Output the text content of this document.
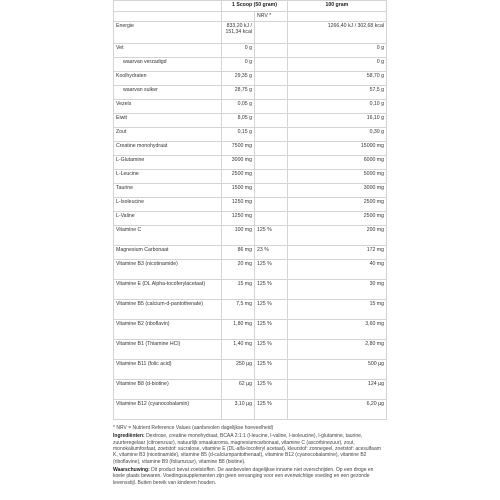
	1 Scoop (50 gram)		100 gram
		NRV *	
Energie	833,20 kJ / 151,34 kcal		1266,40 kJ / 302,68 kcal
Vet	0 g		0 g
waarvan verzadigd	0 g		0 g
Koolhydraten	29,35 g		58,70 g
waarvan suiker	28,75 g		57,5 g
Vezels	0,05 g		0,10 g
Eiwit	8,05 g		16,10 g
Zout	0,15 g		0,30 g
Creatine monohydraat	7500 mg		15000 mg
L-Glutamine	3000 mg		6000 mg
L-Leucine	2500 mg		5000 mg
Taurine	1500 mg		3000 mg
L-Isoleucine	1250 mg		2500 mg
L-Valine	1250 mg		2500 mg
Vitamine C	100 mg	125 %	200 mg
Magnesium Carbonaat	86 mg	23 %	172 mg
Vitamine B3 (nicotinamide)	20 mg	125 %	40 mg
Vitamine E (DL Alpha-tocoferylacetaat)	15 mg	125 %	30 mg
Vitamine B5 (calcium-d-pantothenate)	7,5 mg	125 %	15 mg
Vitamine B2 (riboflavin)	1,80 mg	125 %	3,60 mg
Vitamine B1 (Thiamine HCl)	1,40 mg	125 %	2,80 mg
Vitamine B11 (folic acid)	250 µg	125 %	500 µg
Vitamine B8 (d-biotine)	62 µg	125 %	124 µg
Vitamine B12 (cyanocobalamin)	3,10 µg	125 %	6,20 µg

* NRV = Nutrient Reference Values (aanbevolen dagelijkse hoeveelheid)

Ingrediënten: Dextrose, creatine monohydraat, BCAA 2:1:1 (l-leucine, l-valine, l-isoleucine), l-glutamine, taurine, zuurteregelaar (citroenzuur), natuurlijk smaakaroma, magnesiumcarbonaat, vitamine C (ascorbinezuur), zout, monokaliumfosfaat, zoetstof: sucralose, vitamine E (DL-alfa-tocoferyl acetaat), kleurstof: zonnegeel, zoetstof: acesulfaam K, vitamine B3 (nicotinamide), vitamine B5 (d-calciumpantothenaat), vitamine B12 (cyanocobalamine), vitamine B2 (riboflavine), vitamine B9 (foliumzuur), vitamine B8 (biotine).

Waarschuwing: Dit product bevat zoetstoffen. De aanbevolen dagelijkse inname niet overschrijden. Op een droge en koele plaats bewaren. Voedingssupplementen zijn geen vervanging voor een evenwichtige voeding en een gezonde levensstijl. Buiten bereik van kinderen houden.
